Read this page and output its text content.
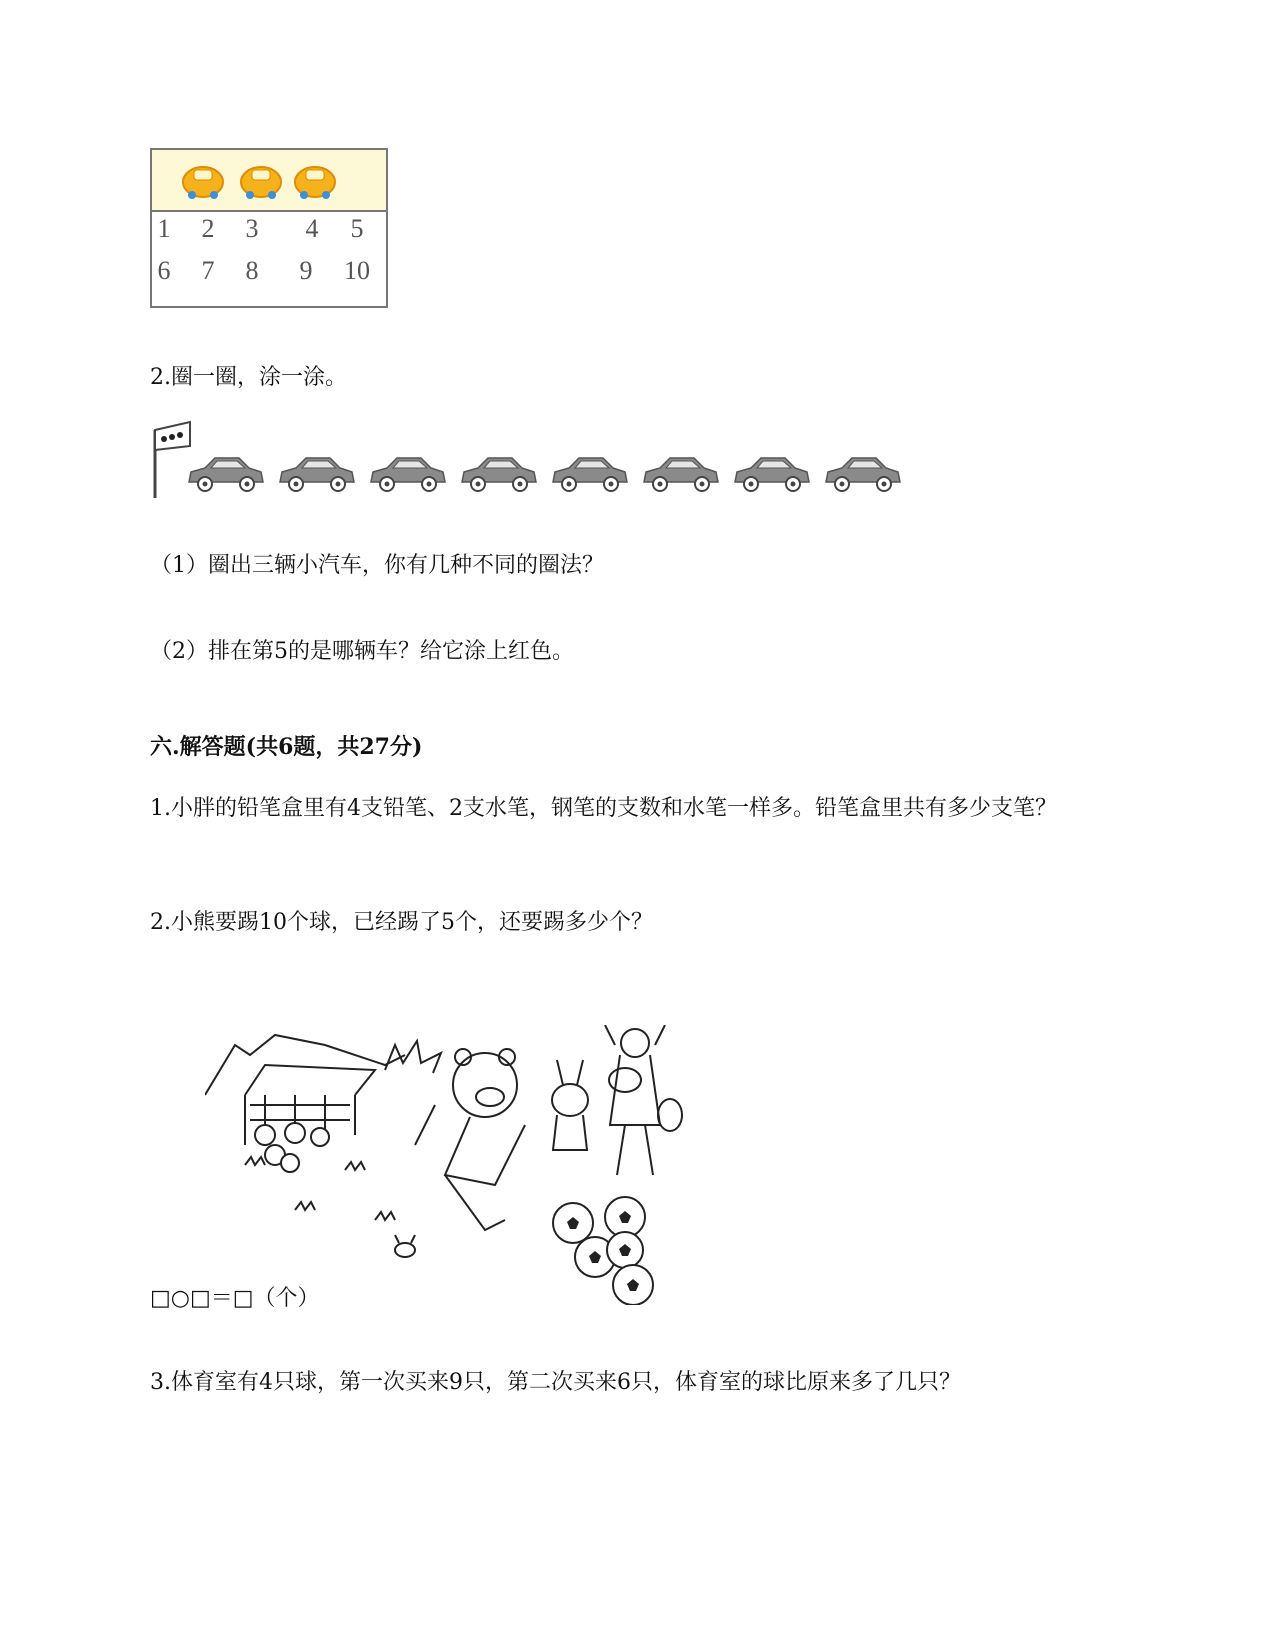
1 2 3 4 5
6 7 8 9 10
2.圈一圈，涂一涂。
（1）圈出三辆小汽车，你有几种不同的圈法？
（2）排在第5的是哪辆车？给它涂上红色。
六.解答题(共6题，共27分)
1.小胖的铅笔盒里有4支铅笔、2支水笔，钢笔的支数和水笔一样多。铅笔盒里共有多少支笔？
2.小熊要踢10个球，已经踢了5个，还要踢多少个？
□○□＝□（个）
3.体育室有4只球，第一次买来9只，第二次买来6只，体育室的球比原来多了几只？
